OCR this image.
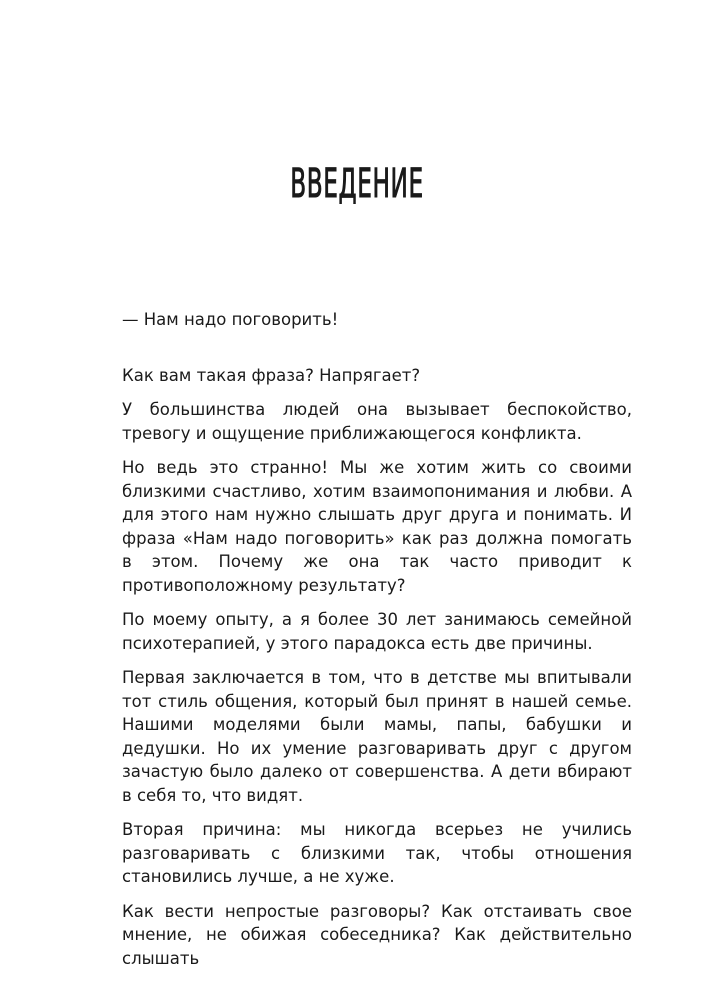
ВВЕДЕНИЕ

— Нам надо поговорить!

Как вам такая фраза? Напрягает?

У большинства людей она вызывает беспокойство, тревогу и ощущение приближающегося конфликта.

Но ведь это странно! Мы же хотим жить со своими близкими счастливо, хотим взаимопонимания и любви. А для этого нам нужно слышать друг друга и понимать. И фраза «Нам надо поговорить» как раз должна помогать в этом. Почему же она так часто приводит к противоположному результату?

По моему опыту, а я более 30 лет занимаюсь семейной психотерапией, у этого парадокса есть две причины.

Первая заключается в том, что в детстве мы впитывали тот стиль общения, который был принят в нашей семье. Нашими моделями были мамы, папы, бабушки и дедушки. Но их умение разговаривать друг с другом зачастую было далеко от совершенства. А дети вбирают в себя то, что видят.

Вторая причина: мы никогда всерьез не учились разговаривать с близкими так, чтобы отношения становились лучше, а не хуже.

Как вести непростые разговоры? Как отстаивать свое мнение, не обижая собеседника? Как действительно слышать
